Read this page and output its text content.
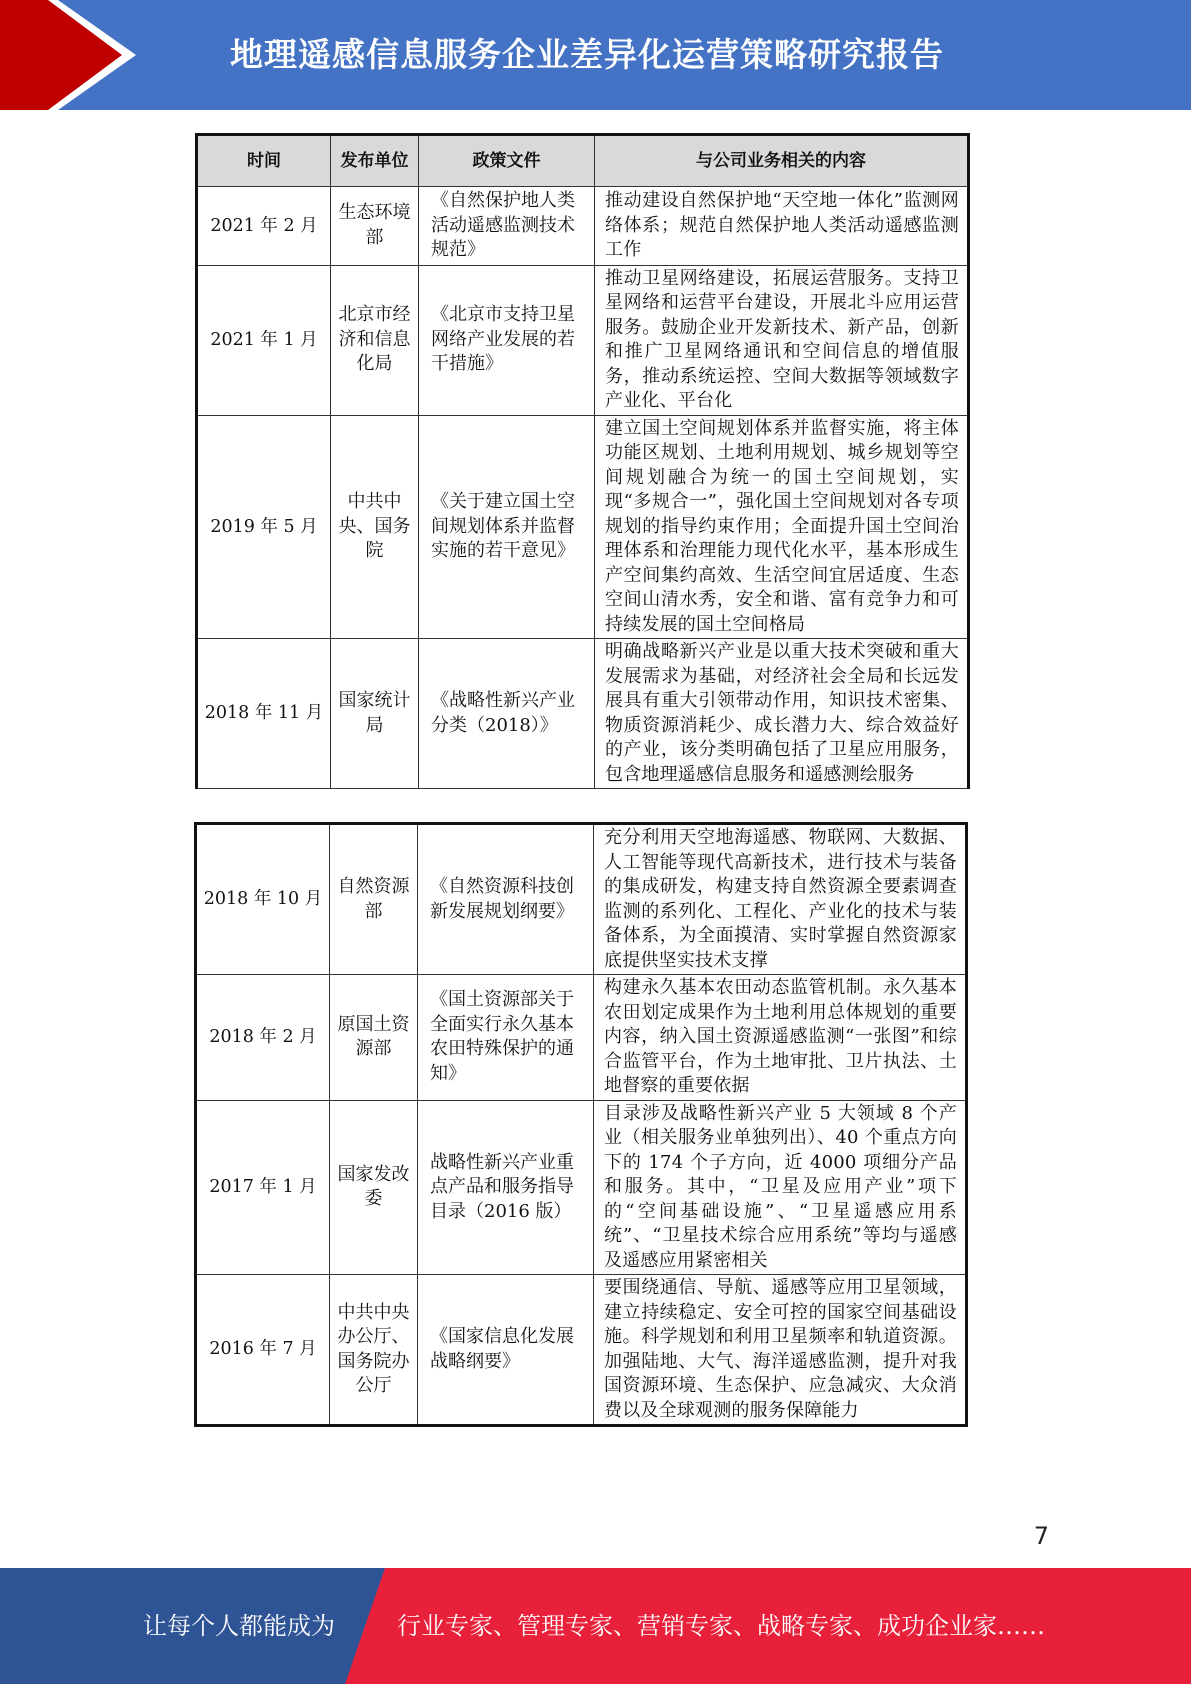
地理遥感信息服务企业差异化运营策略研究报告
时间	发布单位	政策文件	与公司业务相关的内容
2021 年 2 月	生态环境部	《自然保护地人类活动遥感监测技术规范》	推动建设自然保护地“天空地一体化”监测网络体系；规范自然保护地人类活动遥感监测工作
2021 年 1 月	北京市经济和信息化局	《北京市支持卫星网络产业发展的若干措施》	推动卫星网络建设，拓展运营服务。支持卫星网络和运营平台建设，开展北斗应用运营服务。鼓励企业开发新技术、新产品，创新和推广卫星网络通讯和空间信息的增值服务，推动系统运控、空间大数据等领域数字产业化、平台化
2019 年 5 月	中共中央、国务院	《关于建立国土空间规划体系并监督实施的若干意见》	建立国土空间规划体系并监督实施，将主体功能区规划、土地利用规划、城乡规划等空间规划融合为统一的国土空间规划，实现“多规合一”，强化国土空间规划对各专项规划的指导约束作用；全面提升国土空间治理体系和治理能力现代化水平，基本形成生产空间集约高效、生活空间宜居适度、生态空间山清水秀，安全和谐、富有竞争力和可持续发展的国土空间格局
2018 年 11 月	国家统计局	《战略性新兴产业分类（2018）》	明确战略新兴产业是以重大技术突破和重大发展需求为基础，对经济社会全局和长远发展具有重大引领带动作用，知识技术密集、物质资源消耗少、成长潜力大、综合效益好的产业，该分类明确包括了卫星应用服务，包含地理遥感信息服务和遥感测绘服务
2018 年 10 月	自然资源部	《自然资源科技创新发展规划纲要》	充分利用天空地海遥感、物联网、大数据、人工智能等现代高新技术，进行技术与装备的集成研发，构建支持自然资源全要素调查监测的系列化、工程化、产业化的技术与装备体系，为全面摸清、实时掌握自然资源家底提供坚实技术支撑
2018 年 2 月	原国土资源部	《国土资源部关于全面实行永久基本农田特殊保护的通知》	构建永久基本农田动态监管机制。永久基本农田划定成果作为土地利用总体规划的重要内容，纳入国土资源遥感监测“一张图”和综合监管平台，作为土地审批、卫片执法、土地督察的重要依据
2017 年 1 月	国家发改委	战略性新兴产业重点产品和服务指导目录（2016 版）	目录涉及战略性新兴产业 5 大领域 8 个产业（相关服务业单独列出）、40 个重点方向下的 174 个子方向，近 4000 项细分产品和服务。其中，“卫星及应用产业”项下的“空间基础设施”、“卫星遥感应用系统”、“卫星技术综合应用系统”等均与遥感及遥感应用紧密相关
2016 年 7 月	中共中央办公厅、国务院办公厅	《国家信息化发展战略纲要》	要围绕通信、导航、遥感等应用卫星领域，建立持续稳定、安全可控的国家空间基础设施。科学规划和利用卫星频率和轨道资源。加强陆地、大气、海洋遥感监测，提升对我国资源环境、生态保护、应急减灾、大众消费以及全球观测的服务保障能力
7
让每个人都能成为	行业专家、管理专家、营销专家、战略专家、成功企业家……
